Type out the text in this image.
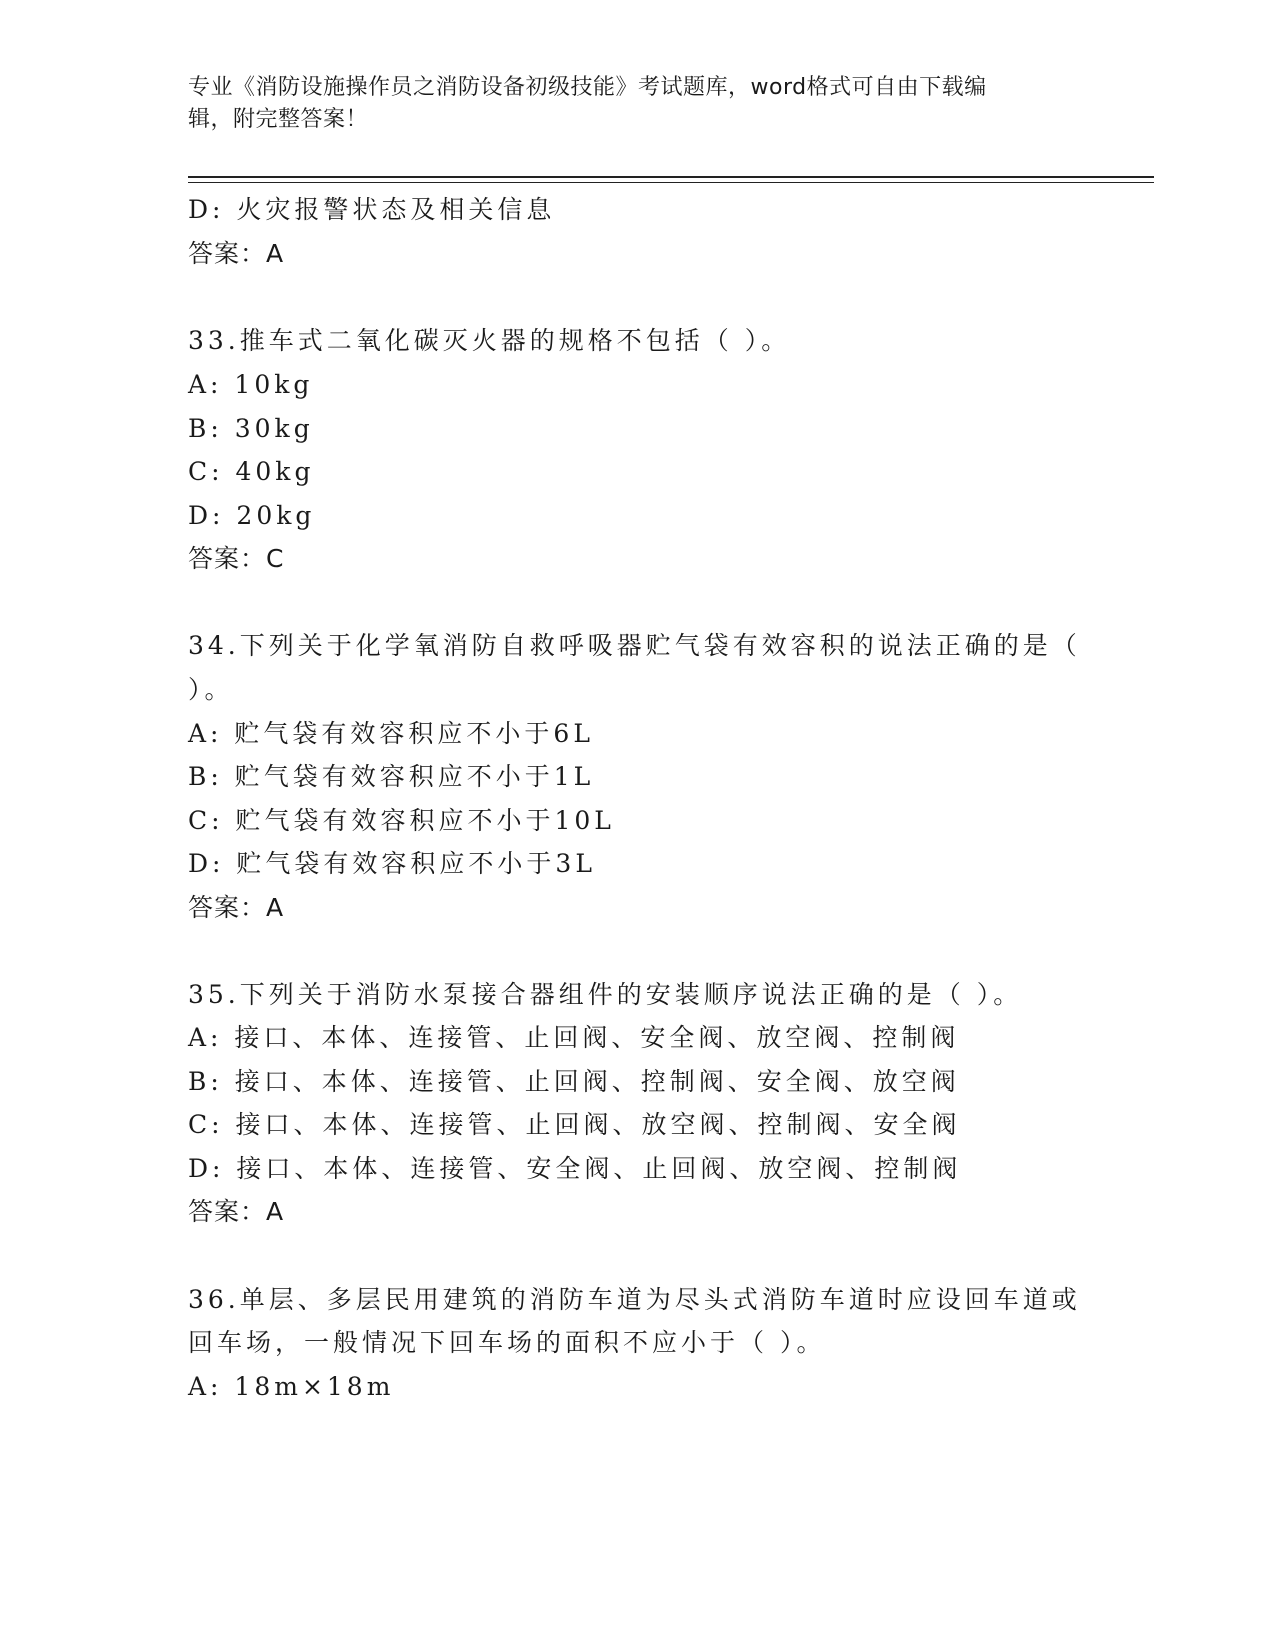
专业《消防设施操作员之消防设备初级技能》考试题库，word格式可自由下载编
辑，附完整答案！
D: 火灾报警状态及相关信息
答案：A
33.推车式二氧化碳灭火器的规格不包括（ ）。
A: 10kg
B: 30kg
C: 40kg
D: 20kg
答案：C
34.下列关于化学氧消防自救呼吸器贮气袋有效容积的说法正确的是（
）。
A: 贮气袋有效容积应不小于6L
B: 贮气袋有效容积应不小于1L
C: 贮气袋有效容积应不小于10L
D: 贮气袋有效容积应不小于3L
答案：A
35.下列关于消防水泵接合器组件的安装顺序说法正确的是（ ）。
A: 接口、本体、连接管、止回阀、安全阀、放空阀、控制阀
B: 接口、本体、连接管、止回阀、控制阀、安全阀、放空阀
C: 接口、本体、连接管、止回阀、放空阀、控制阀、安全阀
D: 接口、本体、连接管、安全阀、止回阀、放空阀、控制阀
答案：A
36.单层、多层民用建筑的消防车道为尽头式消防车道时应设回车道或
回车场，一般情况下回车场的面积不应小于（ ）。
A: 18m×18m
